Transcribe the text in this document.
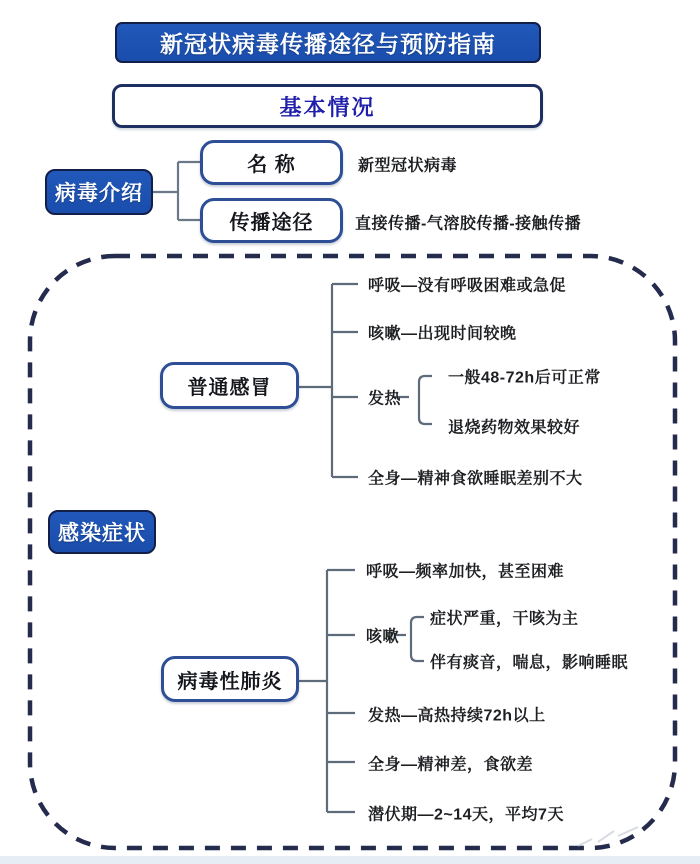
新冠状病毒传播途径与预防指南
基本情况
病毒介绍
名 称	新型冠状病毒
传播途径	直接传播-气溶胶传播-接触传播
感染症状
普通感冒
呼吸—没有呼吸困难或急促
咳嗽—出现时间较晚
发热
全身—精神食欲睡眠差别不大
一般48-72h后可正常
退烧药物效果较好
病毒性肺炎
呼吸—频率加快，甚至困难
咳嗽
症状严重，干咳为主
伴有痰音，喘息，影响睡眠
发热—高热持续72h以上
全身—精神差，食欲差
潜伏期—2~14天，平均7天
